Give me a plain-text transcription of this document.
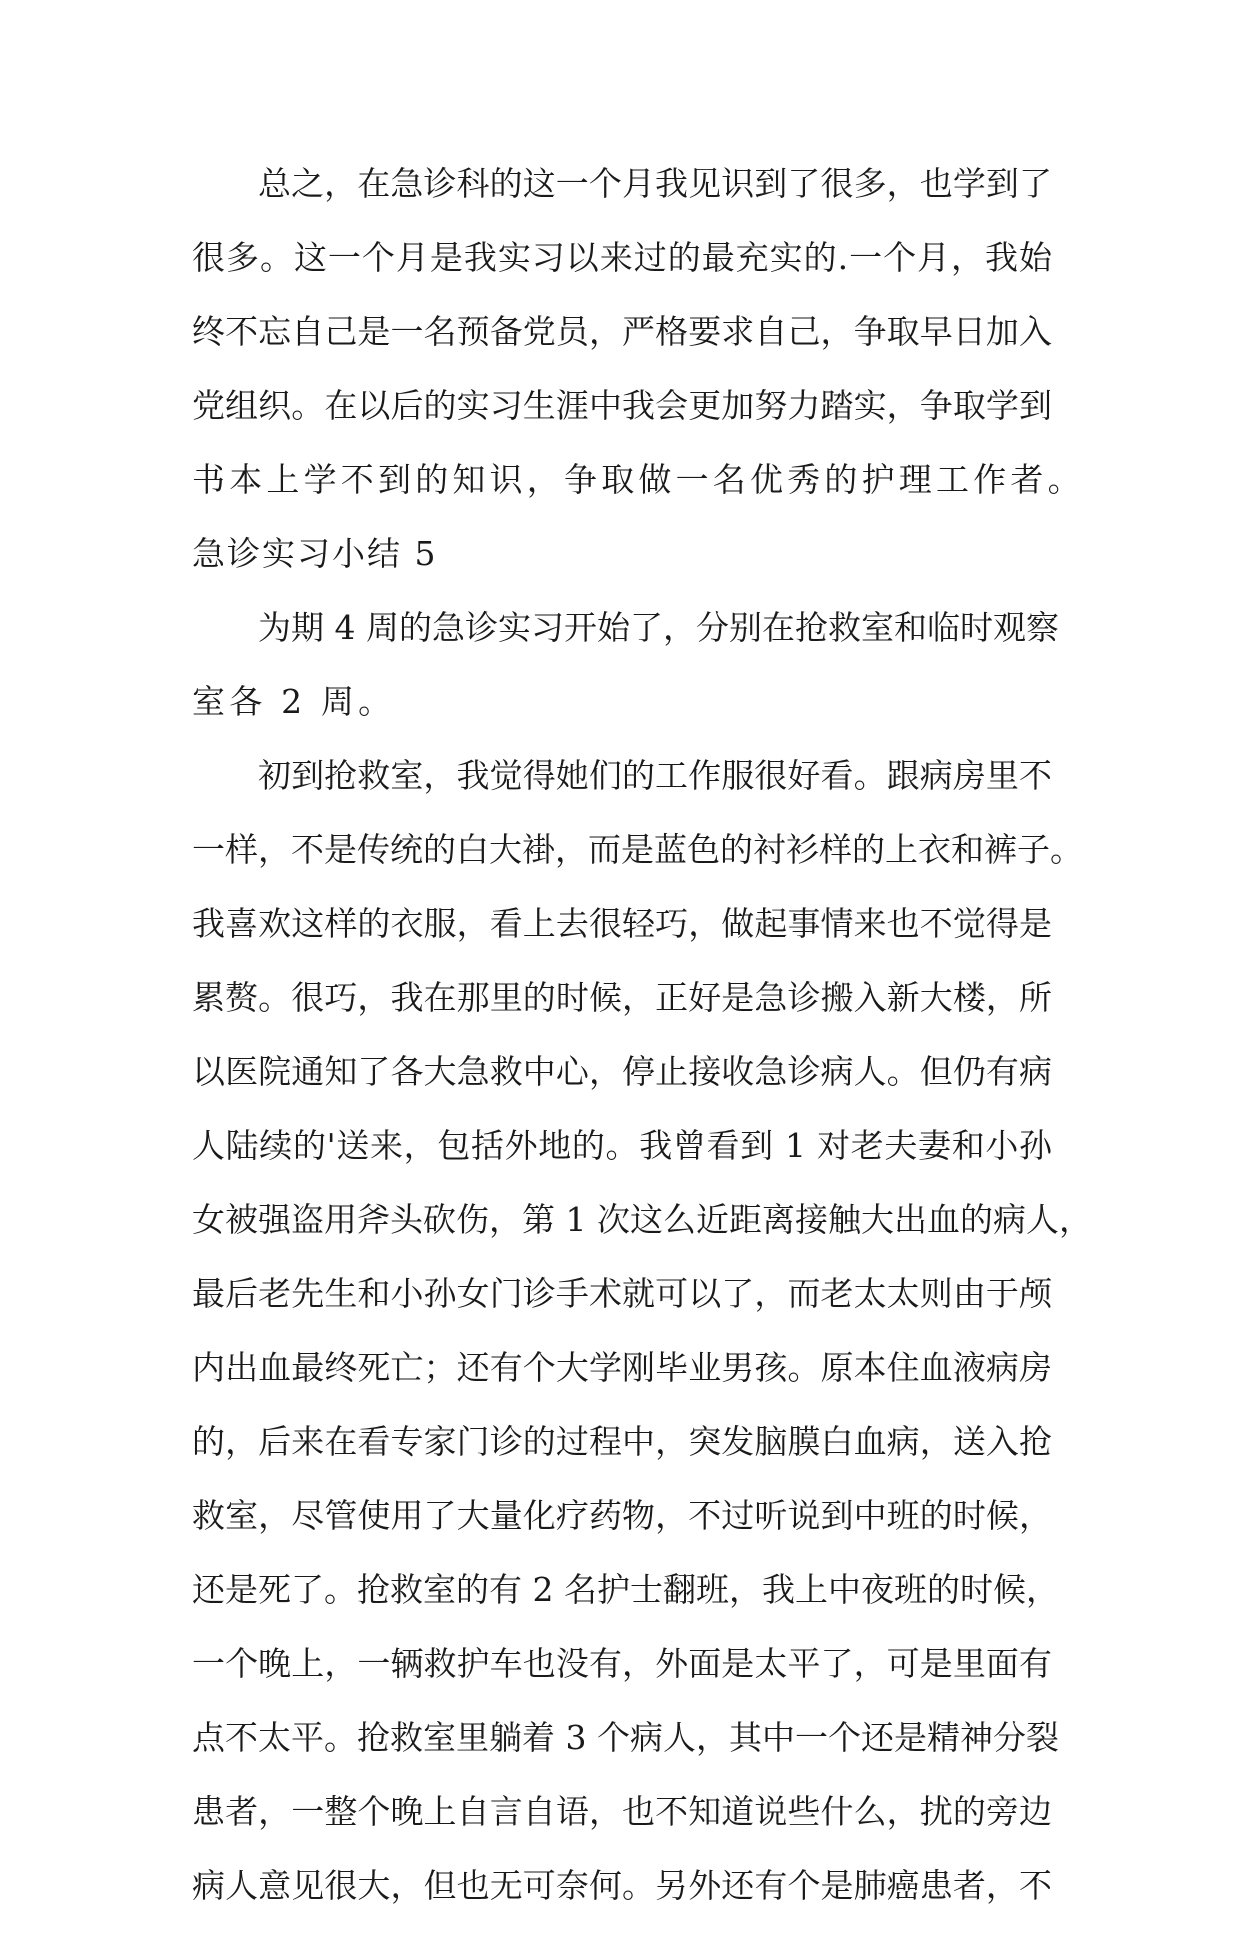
总之，在急诊科的这一个月我见识到了很多，也学到了
很多。这一个月是我实习以来过的最充实的.一个月，我始
终不忘自己是一名预备党员，严格要求自己，争取早日加入
党组织。在以后的实习生涯中我会更加努力踏实，争取学到
书本上学不到的知识，争取做一名优秀的护理工作者。
急诊实习小结 5
为期 4 周的急诊实习开始了，分别在抢救室和临时观察
室各 2 周。
初到抢救室，我觉得她们的工作服很好看。跟病房里不
一样，不是传统的白大褂，而是蓝色的衬衫样的上衣和裤子。
我喜欢这样的衣服，看上去很轻巧，做起事情来也不觉得是
累赘。很巧，我在那里的时候，正好是急诊搬入新大楼，所
以医院通知了各大急救中心，停止接收急诊病人。但仍有病
人陆续的'送来，包括外地的。我曾看到 1 对老夫妻和小孙
女被强盗用斧头砍伤，第 1 次这么近距离接触大出血的病人，
最后老先生和小孙女门诊手术就可以了，而老太太则由于颅
内出血最终死亡；还有个大学刚毕业男孩。原本住血液病房
的，后来在看专家门诊的过程中，突发脑膜白血病，送入抢
救室，尽管使用了大量化疗药物，不过听说到中班的时候，
还是死了。抢救室的有 2 名护士翻班，我上中夜班的时候，
一个晚上，一辆救护车也没有，外面是太平了，可是里面有
点不太平。抢救室里躺着 3 个病人，其中一个还是精神分裂
患者，一整个晚上自言自语，也不知道说些什么，扰的旁边
病人意见很大，但也无可奈何。另外还有个是肺癌患者，不
